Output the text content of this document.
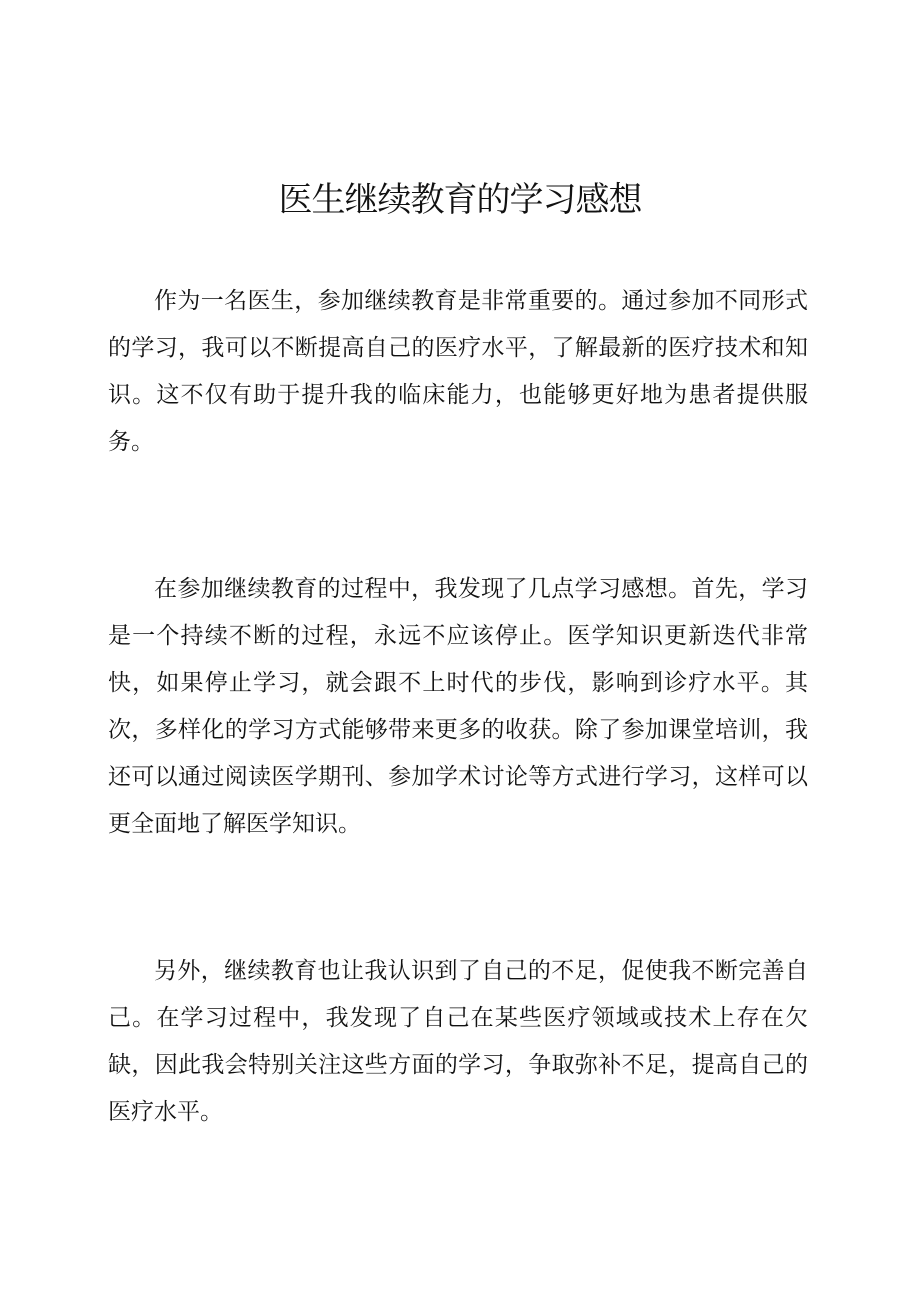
医生继续教育的学习感想

作为一名医生，参加继续教育是非常重要的。通过参加不同形式的学习，我可以不断提高自己的医疗水平，了解最新的医疗技术和知识。这不仅有助于提升我的临床能力，也能够更好地为患者提供服务。

在参加继续教育的过程中，我发现了几点学习感想。首先，学习是一个持续不断的过程，永远不应该停止。医学知识更新迭代非常快，如果停止学习，就会跟不上时代的步伐，影响到诊疗水平。其次，多样化的学习方式能够带来更多的收获。除了参加课堂培训，我还可以通过阅读医学期刊、参加学术讨论等方式进行学习，这样可以更全面地了解医学知识。

另外，继续教育也让我认识到了自己的不足，促使我不断完善自己。在学习过程中，我发现了自己在某些医疗领域或技术上存在欠缺，因此我会特别关注这些方面的学习，争取弥补不足，提高自己的医疗水平。
